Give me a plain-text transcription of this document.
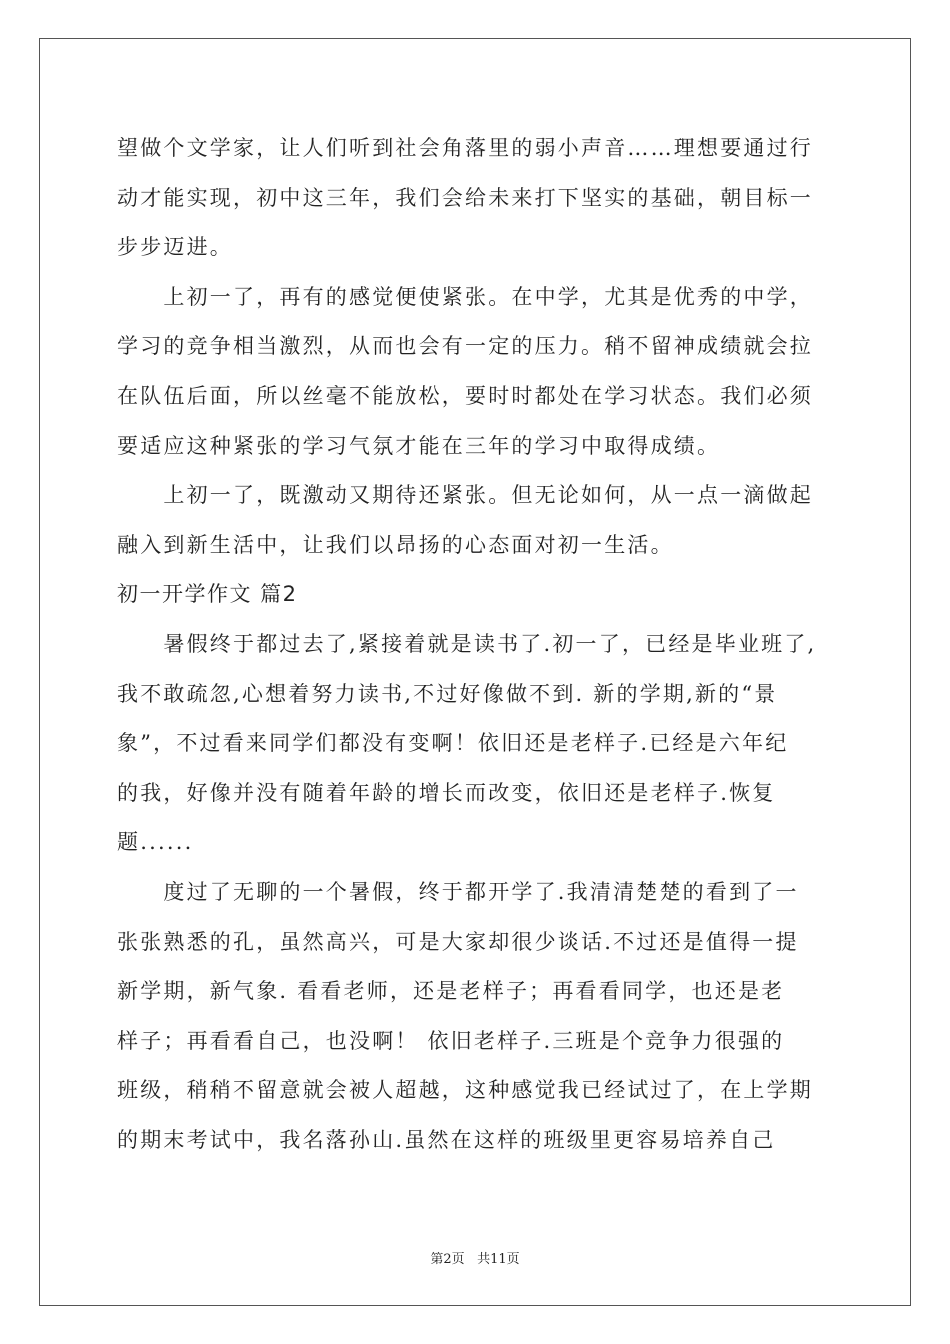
望做个文学家，让人们听到社会角落里的弱小声音……理想要通过行
动才能实现，初中这三年，我们会给未来打下坚实的基础，朝目标一
步步迈进。
　　上初一了，再有的感觉便使紧张。在中学，尤其是优秀的中学，
学习的竞争相当激烈，从而也会有一定的压力。稍不留神成绩就会拉
在队伍后面，所以丝毫不能放松，要时时都处在学习状态。我们必须
要适应这种紧张的学习气氛才能在三年的学习中取得成绩。
　　上初一了，既激动又期待还紧张。但无论如何，从一点一滴做起
融入到新生活中，让我们以昂扬的心态面对初一生活。
初一开学作文 篇2
　　暑假终于都过去了,紧接着就是读书了.初一了，已经是毕业班了,
我不敢疏忽,心想着努力读书,不过好像做不到. 新的学期,新的“景
象”，不过看来同学们都没有变啊！依旧还是老样子.已经是六年纪
的我，好像并没有随着年龄的增长而改变，依旧还是老样子.恢复
题......
　　度过了无聊的一个暑假，终于都开学了.我清清楚楚的看到了一
张张熟悉的孔，虽然高兴，可是大家却很少谈话.不过还是值得一提
新学期，新气象. 看看老师，还是老样子；再看看同学，也还是老
样子；再看看自己，也没啊！ 依旧老样子.三班是个竞争力很强的
班级，稍稍不留意就会被人超越，这种感觉我已经试过了，在上学期
的期末考试中，我名落孙山.虽然在这样的班级里更容易培养自己
第2页 共11页
